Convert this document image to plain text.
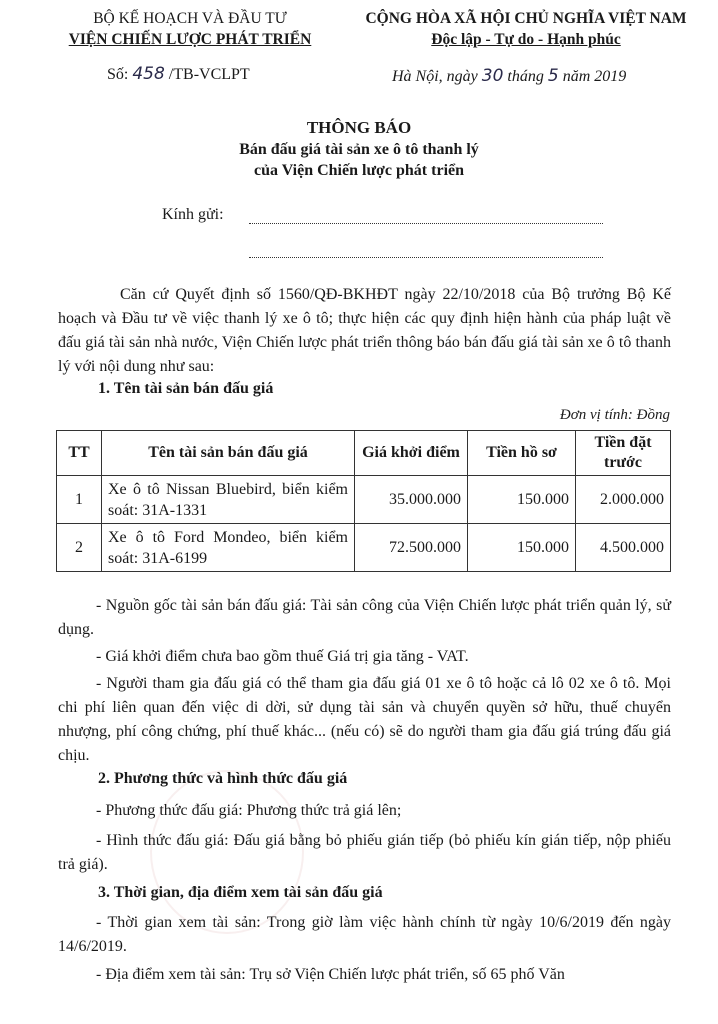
BỘ KẾ HOẠCH VÀ ĐẦU TƯ
VIỆN CHIẾN LƯỢC PHÁT TRIỂN
CỘNG HÒA XÃ HỘI CHỦ NGHĨA VIỆT NAM
Độc lập - Tự do - Hạnh phúc
Số: 458 /TB-VCLPT	Hà Nội, ngày 30 tháng 5 năm 2019
THÔNG BÁO
Bán đấu giá tài sản xe ô tô thanh lý
của Viện Chiến lược phát triển
Kính gửi:
Căn cứ Quyết định số 1560/QĐ-BKHĐT ngày 22/10/2018 của Bộ trưởng Bộ Kế hoạch và Đầu tư về việc thanh lý xe ô tô; thực hiện các quy định hiện hành của pháp luật về đấu giá tài sản nhà nước, Viện Chiến lược phát triển thông báo bán đấu giá tài sản xe ô tô thanh lý với nội dung như sau:
1. Tên tài sản bán đấu giá
Đơn vị tính: Đồng
TT	Tên tài sản bán đấu giá	Giá khởi điểm	Tiền hồ sơ	Tiền đặt trước
1	Xe ô tô Nissan Bluebird, biển kiểm soát: 31A-1331	35.000.000	150.000	2.000.000
2	Xe ô tô Ford Mondeo, biển kiểm soát: 31A-6199	72.500.000	150.000	4.500.000
- Nguồn gốc tài sản bán đấu giá: Tài sản công của Viện Chiến lược phát triển quản lý, sử dụng.
- Giá khởi điểm chưa bao gồm thuế Giá trị gia tăng - VAT.
- Người tham gia đấu giá có thể tham gia đấu giá 01 xe ô tô hoặc cả lô 02 xe ô tô. Mọi chi phí liên quan đến việc di dời, sử dụng tài sản và chuyển quyền sở hữu, thuế chuyển nhượng, phí công chứng, phí thuế khác... (nếu có) sẽ do người tham gia đấu giá trúng đấu giá chịu.
2. Phương thức và hình thức đấu giá
- Phương thức đấu giá: Phương thức trả giá lên;
- Hình thức đấu giá: Đấu giá bằng bỏ phiếu gián tiếp (bỏ phiếu kín gián tiếp, nộp phiếu trả giá).
3. Thời gian, địa điểm xem tài sản đấu giá
- Thời gian xem tài sản: Trong giờ làm việc hành chính từ ngày 10/6/2019 đến ngày 14/6/2019.
- Địa điểm xem tài sản: Trụ sở Viện Chiến lược phát triển, số 65 phố Văn
